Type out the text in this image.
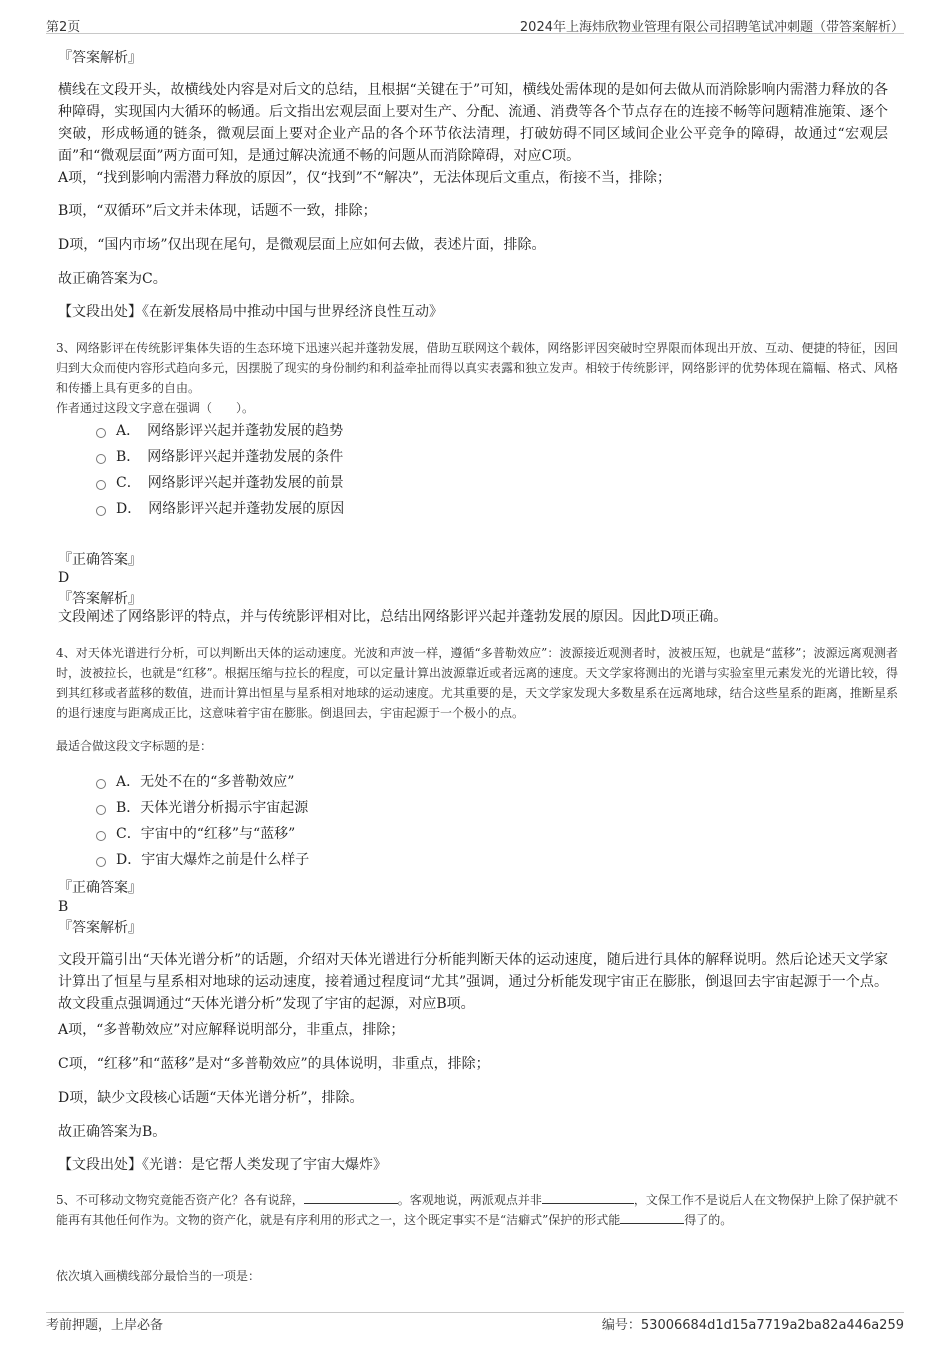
第2页	2024年上海炜欣物业管理有限公司招聘笔试冲刺题（带答案解析）
『答案解析』

横线在文段开头，故横线处内容是对后文的总结，且根据“关键在于”可知，横线处需体现的是如何去做从而消除影响内需潜力释放的各种障碍，实现国内大循环的畅通。后文指出宏观层面上要对生产、分配、流通、消费等各个节点存在的连接不畅等问题精准施策、逐个突破，形成畅通的链条，微观层面上要对企业产品的各个环节依法清理，打破妨碍不同区域间企业公平竞争的障碍，故通过“宏观层面”和“微观层面”两方面可知，是通过解决流通不畅的问题从而消除障碍，对应C项。

A项，“找到影响内需潜力释放的原因”，仅“找到”不“解决”，无法体现后文重点，衔接不当，排除；

B项，“双循环”后文并未体现，话题不一致，排除；

D项，“国内市场”仅出现在尾句，是微观层面上应如何去做，表述片面，排除。

故正确答案为C。

【文段出处】《在新发展格局中推动中国与世界经济良性互动》

3、网络影评在传统影评集体失语的生态环境下迅速兴起并蓬勃发展，借助互联网这个载体，网络影评因突破时空界限而体现出开放、互动、便捷的特征，因回归到大众而使内容形式趋向多元，因摆脱了现实的身份制约和利益牵扯而得以真实表露和独立发声。相较于传统影评，网络影评的优势体现在篇幅、格式、风格和传播上具有更多的自由。

作者通过这段文字意在强调（　　）。

A．　网络影评兴起并蓬勃发展的趋势
B．　网络影评兴起并蓬勃发展的条件
C．　网络影评兴起并蓬勃发展的前景
D．　网络影评兴起并蓬勃发展的原因
『正确答案』
D
『答案解析』

文段阐述了网络影评的特点，并与传统影评相对比，总结出网络影评兴起并蓬勃发展的原因。因此D项正确。

4、对天体光谱进行分析，可以判断出天体的运动速度。光波和声波一样，遵循“多普勒效应”：波源接近观测者时，波被压短，也就是“蓝移”；波源远离观测者时，波被拉长，也就是“红移”。根据压缩与拉长的程度，可以定量计算出波源靠近或者远离的速度。天文学家将测出的光谱与实验室里元素发光的光谱比较，得到其红移或者蓝移的数值，进而计算出恒星与星系相对地球的运动速度。尤其重要的是，天文学家发现大多数星系在远离地球，结合这些星系的距离，推断星系的退行速度与距离成正比，这意味着宇宙在膨胀。倒退回去，宇宙起源于一个极小的点。

最适合做这段文字标题的是：

A．无处不在的“多普勒效应”
B．天体光谱分析揭示宇宙起源
C．宇宙中的“红移”与“蓝移”
D．宇宙大爆炸之前是什么样子
『正确答案』
B
『答案解析』

文段开篇引出“天体光谱分析”的话题，介绍对天体光谱进行分析能判断天体的运动速度，随后进行具体的解释说明。然后论述天文学家计算出了恒星与星系相对地球的运动速度，接着通过程度词“尤其”强调，通过分析能发现宇宙正在膨胀，倒退回去宇宙起源于一个点。故文段重点强调通过“天体光谱分析”发现了宇宙的起源，对应B项。

A项，“多普勒效应”对应解释说明部分，非重点，排除；

C项，“红移”和“蓝移”是对“多普勒效应”的具体说明，非重点，排除；

D项，缺少文段核心话题“天体光谱分析”，排除。

故正确答案为B。

【文段出处】《光谱：是它帮人类发现了宇宙大爆炸》

5、不可移动文物究竟能否资产化？各有说辞，	。客观地说，两派观点并非	，文保工作不是说后人在文物保护上除了保护就不能再有其他任何作为。文物的资产化，就是有序利用的形式之一，这个既定事实不是“洁癖式”保护的形式能	得了的。

依次填入画横线部分最恰当的一项是：

考前押题，上岸必备	编号：53006684d1d15a7719a2ba82a446a259
